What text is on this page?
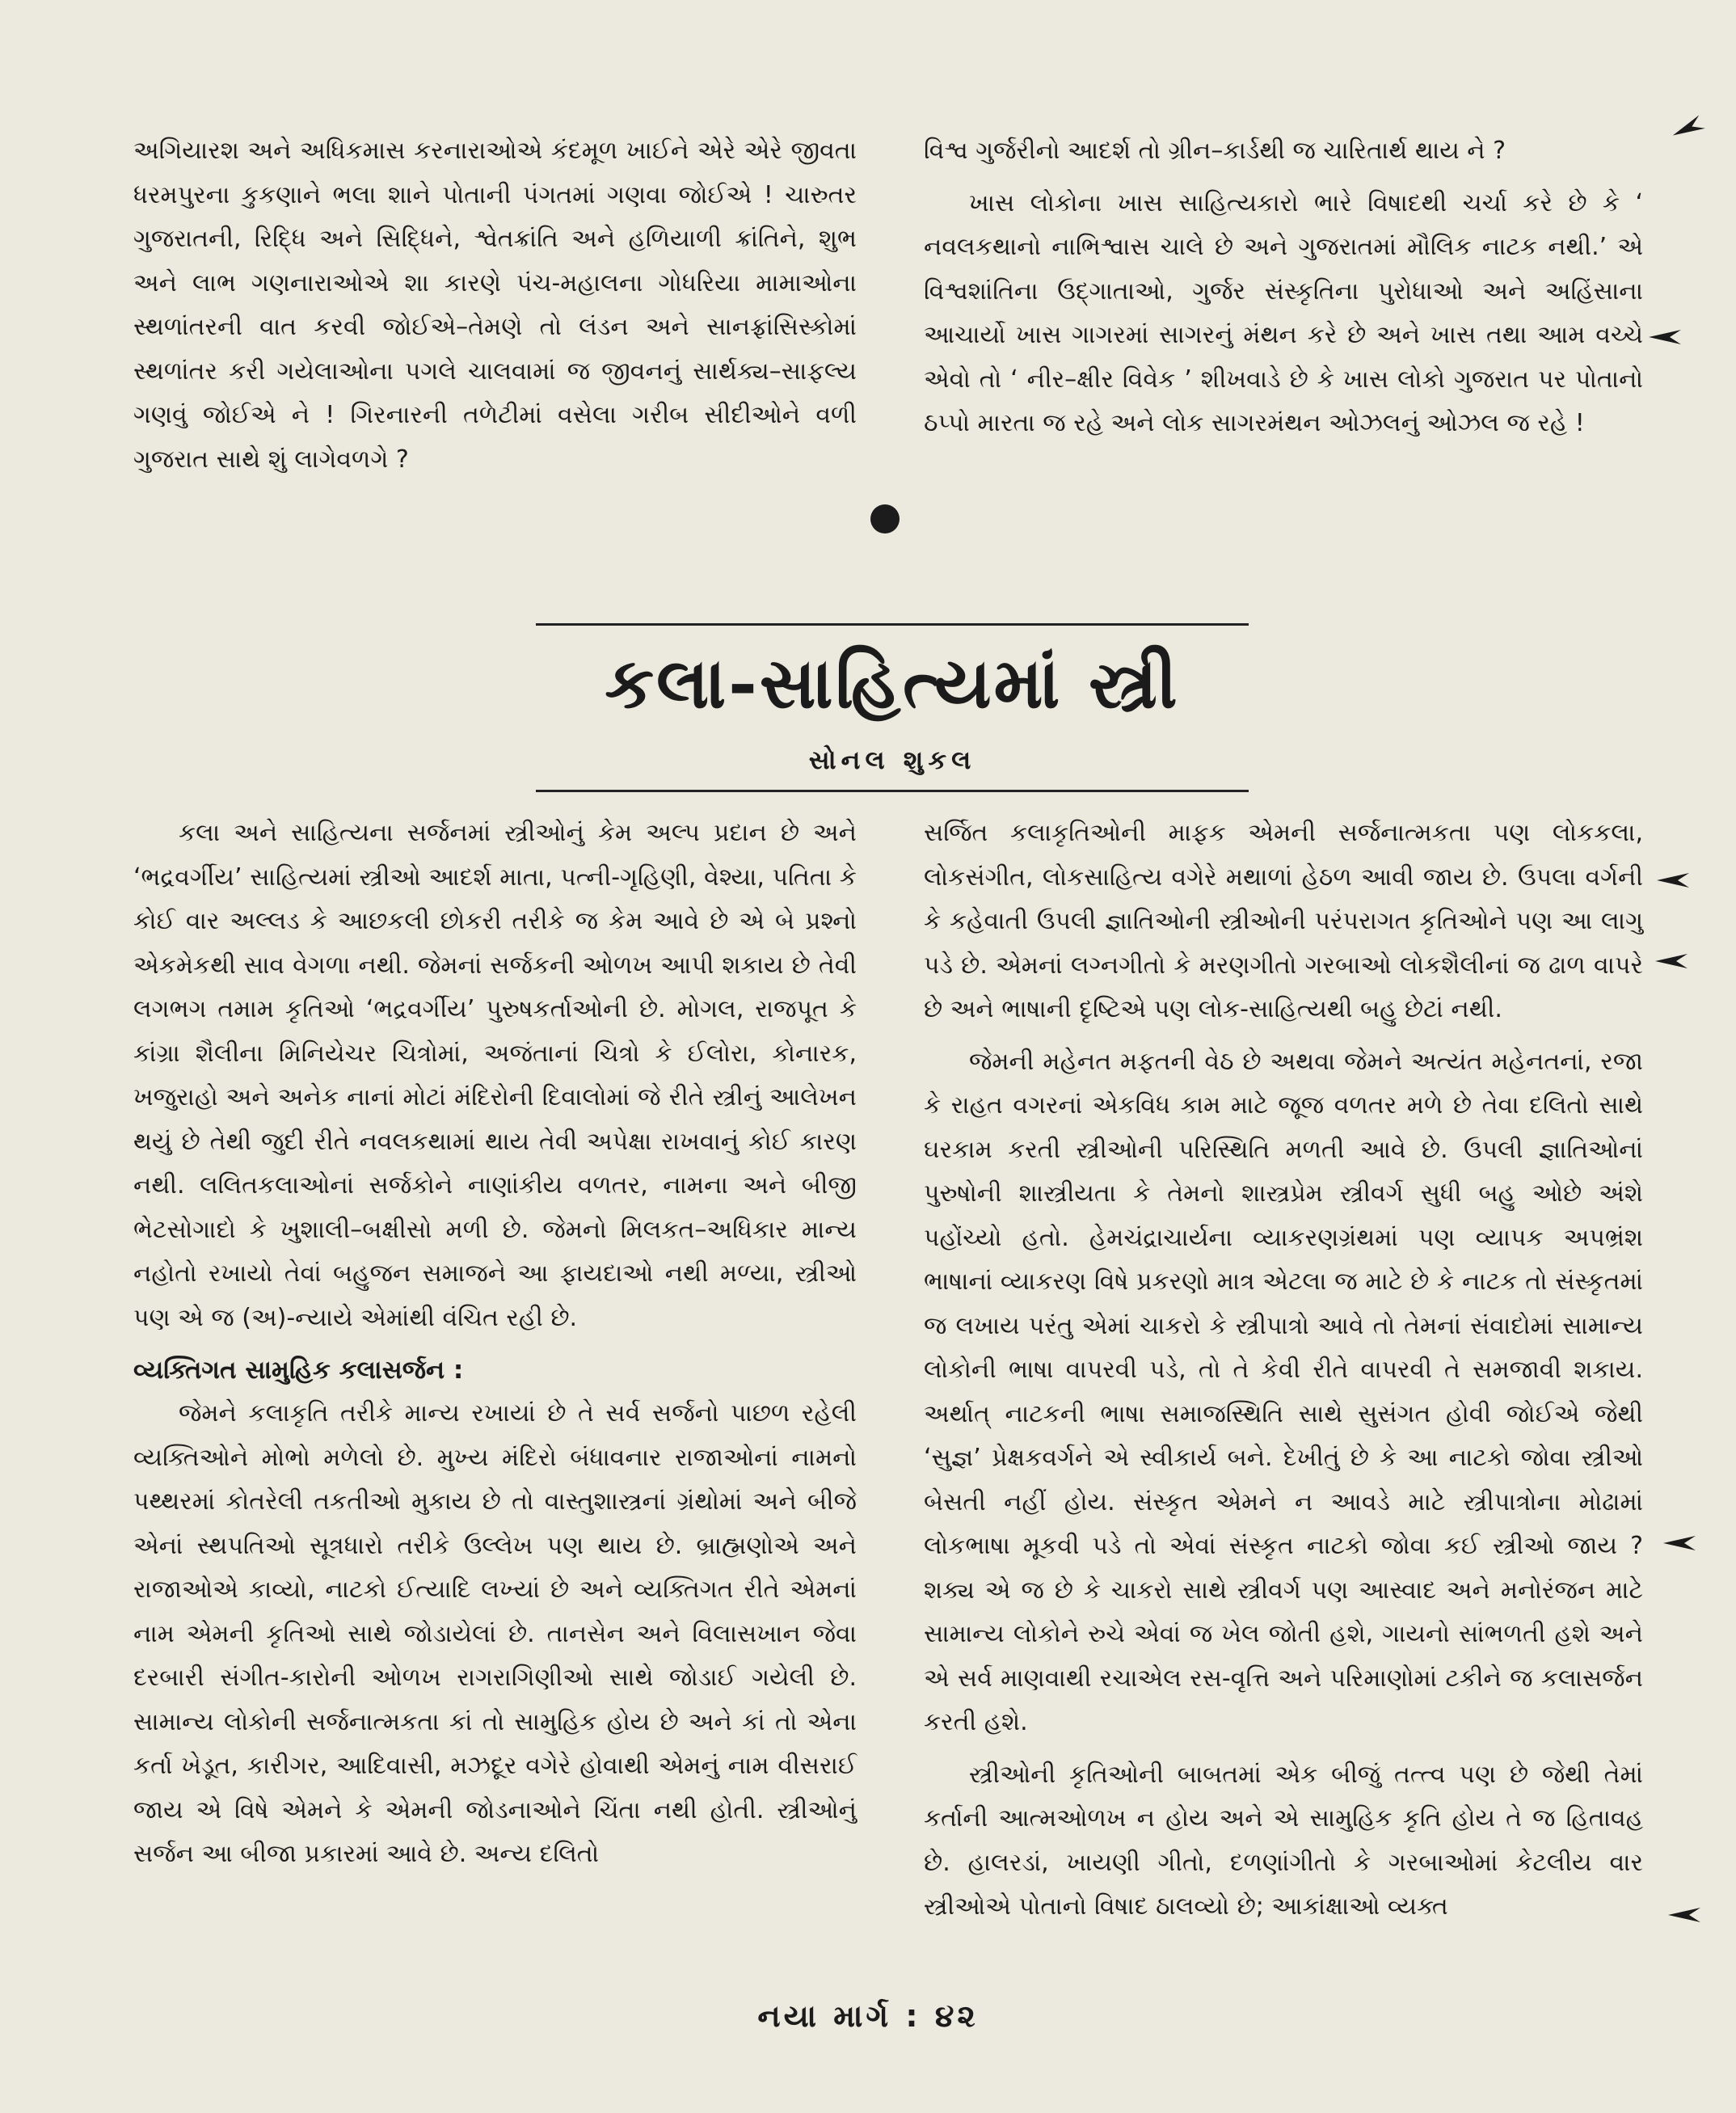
અગિયારશ અને અધિકમાસ કરનારાઓએ કંદમૂળ ખાઈને એરે એરે જીવતા ધરમપુરના કુકણાને ભલા શાને પોતાની પંગતમાં ગણવા જોઈએ ! ચારુતર ગુજરાતની, રિદ્ધિ અને સિદ્ધિને, શ્વેતક્રાંતિ અને હળિયાળી ક્રાંતિને, શુભ અને લાભ ગણનારાઓએ શા કારણે પંચ-મહાલના ગોધરિયા મામાઓના સ્થળાંતરની વાત કરવી જોઈએ–તેમણે તો લંડન અને સાનફ્રાંસિસ્કોમાં સ્થળાંતર કરી ગયેલાઓના પગલે ચાલવામાં જ જીવનનું સાર્થક્ય–સાફલ્ય ગણવું જોઈએ ને ! ગિરનારની તળેટીમાં વસેલા ગરીબ સીદીઓને વળી ગુજરાત સાથે શું લાગેવળગે ?

વિશ્વ ગુર્જરીનો આદર્શ તો ગ્રીન–કાર્ડથી જ ચારિતાર્થ થાય ને ?

ખાસ લોકોના ખાસ સાહિત્યકારો ભારે વિષાદથી ચર્ચા કરે છે કે ‘ નવલકથાનો નાભિશ્વાસ ચાલે છે અને ગુજરાતમાં મૌલિક નાટક નથી.’ એ વિશ્વશાંતિના ઉદ્ગાતાઓ, ગુર્જર સંસ્કૃતિના પુરોધાઓ અને અહિંસાના આચાર્યો ખાસ ગાગરમાં સાગરનું મંથન કરે છે અને ખાસ તથા આમ વચ્ચે એવો તો ‘ નીર–ક્ષીર વિવેક ’ શીખવાડે છે કે ખાસ લોકો ગુજરાત પર પોતાનો ઠપ્પો મારતા જ રહે અને લોક સાગરમંથન ઓઝલનું ઓઝલ જ રહે !

કલા-સાહિત્યમાં સ્ત્રી
સોનલ શુકલ

કલા અને સાહિત્યના સર્જનમાં સ્ત્રીઓનું કેમ અલ્પ પ્રદાન છે અને ‘ભદ્રવર્ગીય’ સાહિત્યમાં સ્ત્રીઓ આદર્શ માતા, પત્ની-ગૃહિણી, વેશ્યા, પતિતા કે કોઈ વાર અલ્લડ કે આછકલી છોકરી તરીકે જ કેમ આવે છે એ બે પ્રશ્નો એકમેકથી સાવ વેગળા નથી. જેમનાં સર્જકની ઓળખ આપી શકાય છે તેવી લગભગ તમામ કૃતિઓ ‘ભદ્રવર્ગીય’ પુરુષકર્તાઓની છે. મોગલ, રાજપૂત કે કાંગ્રા શૈલીના મિનિયેચર ચિત્રોમાં, અજંતાનાં ચિત્રો કે ઈલોરા, કોનારક, ખજુરાહો અને અનેક નાનાં મોટાં મંદિરોની દિવાલોમાં જે રીતે સ્ત્રીનું આલેખન થયું છે તેથી જુદી રીતે નવલકથામાં થાય તેવી અપેક્ષા રાખવાનું કોઈ કારણ નથી. લલિતકલાઓનાં સર્જકોને નાણાંકીય વળતર, નામના અને બીજી ભેટસોગાદો કે ખુશાલી–બક્ષીસો મળી છે. જેમનો મિલકત–અધિકાર માન્ય નહોતો રખાયો તેવાં બહુજન સમાજને આ ફાયદાઓ નથી મળ્યા, સ્ત્રીઓ પણ એ જ (અ)-ન્યાયે એમાંથી વંચિત રહી છે.

વ્યક્તિગત સામુહિક કલાસર્જન :

જેમને કલાકૃતિ તરીકે માન્ય રખાયાં છે તે સર્વ સર્જનો પાછળ રહેલી વ્યક્તિઓને મોભો મળેલો છે. મુખ્ય મંદિરો બંધાવનાર રાજાઓનાં નામનો પથ્થરમાં કોતરેલી તકતીઓ મુકાય છે તો વાસ્તુશાસ્ત્રનાં ગ્રંથોમાં અને બીજે એનાં સ્થપતિઓ સૂત્રધારો તરીકે ઉલ્લેખ પણ થાય છે. બ્રાહ્મણોએ અને રાજાઓએ કાવ્યો, નાટકો ઈત્યાદિ લખ્યાં છે અને વ્યક્તિગત રીતે એમનાં નામ એમની કૃતિઓ સાથે જોડાયેલાં છે. તાનસેન અને વિલાસખાન જેવા દરબારી સંગીત-કારોની ઓળખ રાગરાગિણીઓ સાથે જોડાઈ ગયેલી છે. સામાન્ય લોકોની સર્જનાત્મકતા કાં તો સામુહિક હોય છે અને કાં તો એના કર્તા ખેડૂત, કારીગર, આદિવાસી, મઝદૂર વગેરે હોવાથી એમનું નામ વીસરાઈ જાય એ વિષે એમને કે એમની જોડનાઓને ચિંતા નથી હોતી. સ્ત્રીઓનું સર્જન આ બીજા પ્રકારમાં આવે છે. અન્ય દલિતો

સર્જિત કલાકૃતિઓની માફક એમની સર્જનાત્મકતા પણ લોકકલા, લોકસંગીત, લોકસાહિત્ય વગેરે મથાળાં હેઠળ આવી જાય છે. ઉપલા વર્ગની કે કહેવાતી ઉપલી જ્ઞાતિઓની સ્ત્રીઓની પરંપરાગત કૃતિઓને પણ આ લાગુ પડે છે. એમનાં લગ્નગીતો કે મરણગીતો ગરબાઓ લોકશૈલીનાં જ ઢાળ વાપરે છે અને ભાષાની દૃષ્ટિએ પણ લોક-સાહિત્યથી બહુ છેટાં નથી.

જેમની મહેનત મફતની વેઠ છે અથવા જેમને અત્યંત મહેનતનાં, રજા કે રાહત વગરનાં એકવિધ કામ માટે જૂજ વળતર મળે છે તેવા દલિતો સાથે ઘરકામ કરતી સ્ત્રીઓની પરિસ્થિતિ મળતી આવે છે. ઉપલી જ્ઞાતિઓનાં પુરુષોની શાસ્ત્રીયતા કે તેમનો શાસ્ત્રપ્રેમ સ્ત્રીવર્ગ સુધી બહુ ઓછે અંશે પહોંચ્યો હતો. હેમચંદ્રાચાર્યના વ્યાકરણગ્રંથમાં પણ વ્યાપક અપભ્રંશ ભાષાનાં વ્યાકરણ વિષે પ્રકરણો માત્ર એટલા જ માટે છે કે નાટક તો સંસ્કૃતમાં જ લખાય પરંતુ એમાં ચાકરો કે સ્ત્રીપાત્રો આવે તો તેમનાં સંવાદોમાં સામાન્ય લોકોની ભાષા વાપરવી પડે, તો તે કેવી રીતે વાપરવી તે સમજાવી શકાય. અર્થાત્ નાટકની ભાષા સમાજસ્થિતિ સાથે સુસંગત હોવી જોઈએ જેથી ‘સુજ્ઞ’ પ્રેક્ષકવર્ગને એ સ્વીકાર્ય બને. દેખીતું છે કે આ નાટકો જોવા સ્ત્રીઓ બેસતી નહીં હોય. સંસ્કૃત એમને ન આવડે માટે સ્ત્રીપાત્રોના મોઢામાં લોકભાષા મૂકવી પડે તો એવાં સંસ્કૃત નાટકો જોવા કઈ સ્ત્રીઓ જાય ? શક્ય એ જ છે કે ચાકરો સાથે સ્ત્રીવર્ગ પણ આસ્વાદ અને મનોરંજન માટે સામાન્ય લોકોને રુચે એવાં જ ખેલ જોતી હશે, ગાયનો સાંભળતી હશે અને એ સર્વ માણવાથી રચાએલ રસ-વૃત્તિ અને પરિમાણોમાં ટકીને જ કલાસર્જન કરતી હશે.

સ્ત્રીઓની કૃતિઓની બાબતમાં એક બીજું તત્ત્વ પણ છે જેથી તેમાં કર્તાની આત્મઓળખ ન હોય અને એ સામુહિક કૃતિ હોય તે જ હિતાવહ છે. હાલરડાં, ખાયણી ગીતો, દળણાંગીતો કે ગરબાઓમાં કેટલીય વાર સ્ત્રીઓએ પોતાનો વિષાદ ઠાલવ્યો છે; આકાંક્ષાઓ વ્યક્ત

નયા માર્ગ : ૪૨
